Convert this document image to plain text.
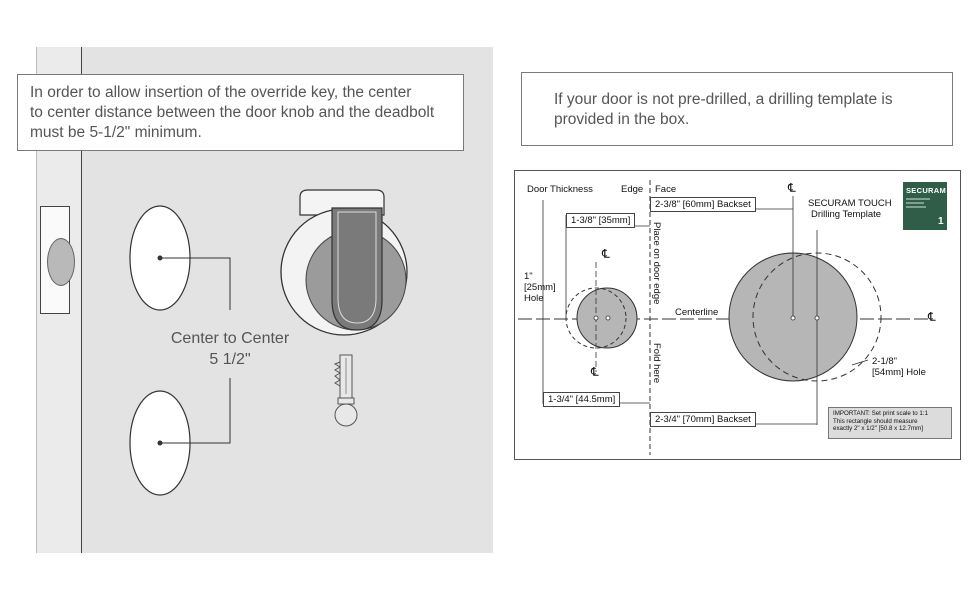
In order to allow insertion of the override key, the center
to center distance between the door knob and the deadbolt
must be 5-1/2" minimum.
Center to Center
5 1/2"
If your door is not pre-drilled, a drilling template is
provided in the box.
Door Thickness	Edge Face	℄
℄
℄
℄
2-3/8" [60mm] Backset
1-3/8" [35mm]
1-3/4" [44.5mm]
2-3/4" [70mm] Backset
SECURAM TOUCH
Drilling Template
Place on door edge
Fold here
1"
[25mm]
Hole
Centerline
2-1/8"
[54mm] Hole
SECURAM
1
IMPORTANT: Set print scale to 1:1
This rectangle should measure
exactly 2" x 1/2" [50.8 x 12.7mm]
